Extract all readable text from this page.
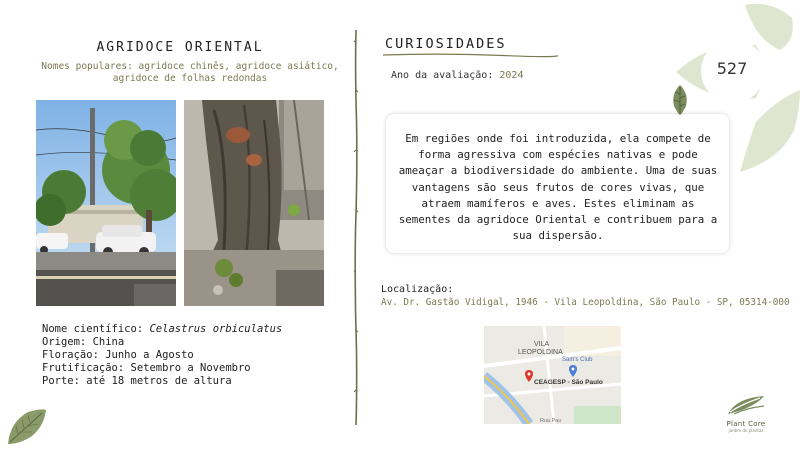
AGRIDOCE ORIENTAL
Nomes populares: agridoce chinês, agridoce asiático, agridoce de folhas redondas
Nome científico: Celastrus orbiculatus
Origem: China
Floração: Junho a Agosto
Frutificação: Setembro a Novembro
Porte: até 18 metros de altura
CURIOSIDADES
Ano da avaliação: 2024
Em regiões onde foi introduzida, ela compete de forma agressiva com espécies nativas e pode ameaçar a biodiversidade do ambiente. Uma de suas vantagens são seus frutos de cores vivas, que atraem mamíferos e aves. Estes eliminam as sementes da agridoce Oriental e contribuem para a sua dispersão.
Localização:
Av. Dr. Gastão Vidigal, 1946 - Vila Leopoldina, São Paulo - SP, 05314-000
VILA
LEOPOLDINA
Sam's Club
CEAGESP - São Paulo
Rua Pau
527
Plant Core
jardim de plantas
